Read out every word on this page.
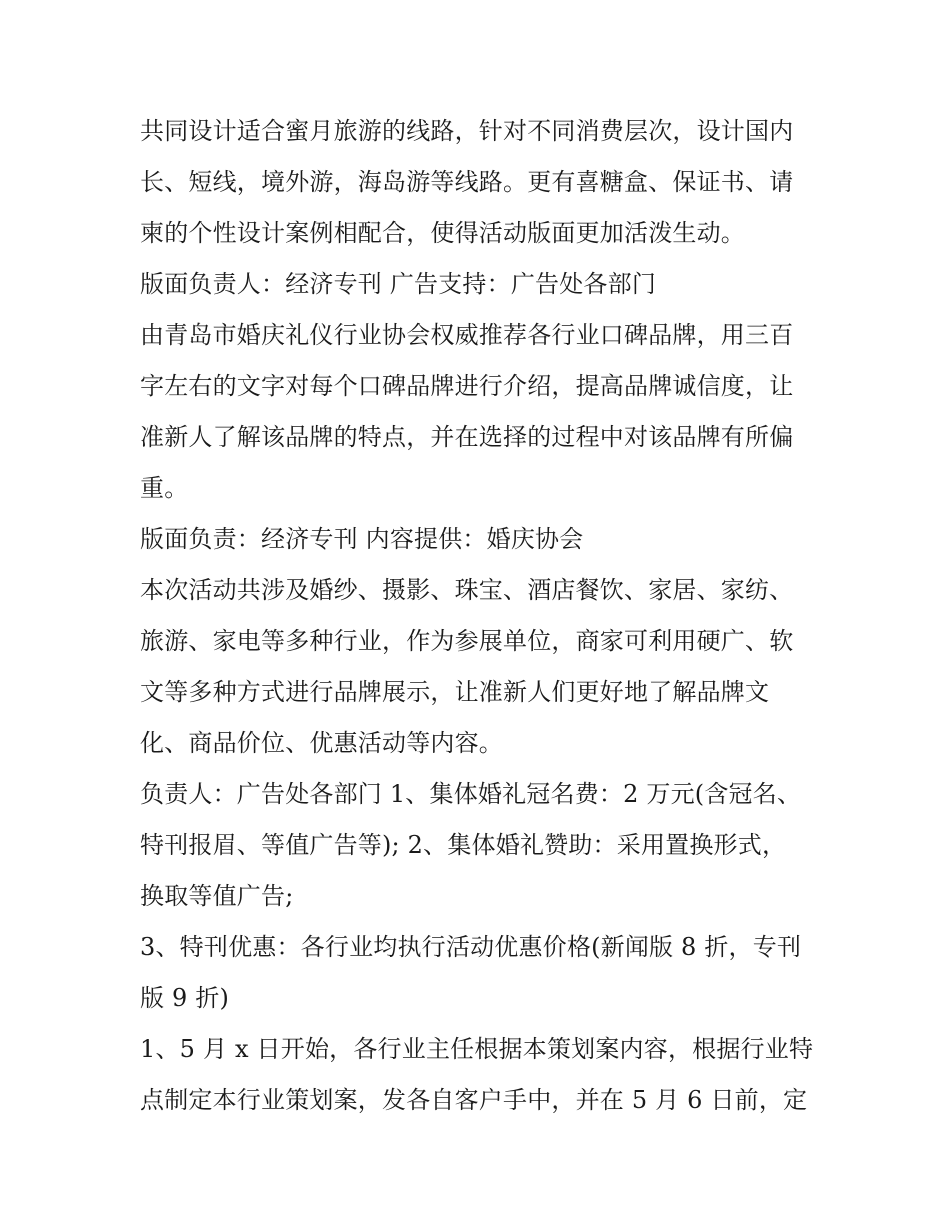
共同设计适合蜜月旅游的线路，针对不同消费层次，设计国内
长、短线，境外游，海岛游等线路。更有喜糖盒、保证书、请
柬的个性设计案例相配合，使得活动版面更加活泼生动。
版面负责人：经济专刊 广告支持：广告处各部门
由青岛市婚庆礼仪行业协会权威推荐各行业口碑品牌，用三百
字左右的文字对每个口碑品牌进行介绍，提高品牌诚信度，让
准新人了解该品牌的特点，并在选择的过程中对该品牌有所偏
重。
版面负责：经济专刊 内容提供：婚庆协会
本次活动共涉及婚纱、摄影、珠宝、酒店餐饮、家居、家纺、
旅游、家电等多种行业，作为参展单位，商家可利用硬广、软
文等多种方式进行品牌展示，让准新人们更好地了解品牌文
化、商品价位、优惠活动等内容。
负责人：广告处各部门 1、集体婚礼冠名费：2 万元(含冠名、
特刊报眉、等值广告等); 2、集体婚礼赞助：采用置换形式，
换取等值广告;
3、特刊优惠：各行业均执行活动优惠价格(新闻版 8 折，专刊
版 9 折)
1、5 月 x 日开始，各行业主任根据本策划案内容，根据行业特
点制定本行业策划案，发各自客户手中，并在 5 月 6 日前，定
